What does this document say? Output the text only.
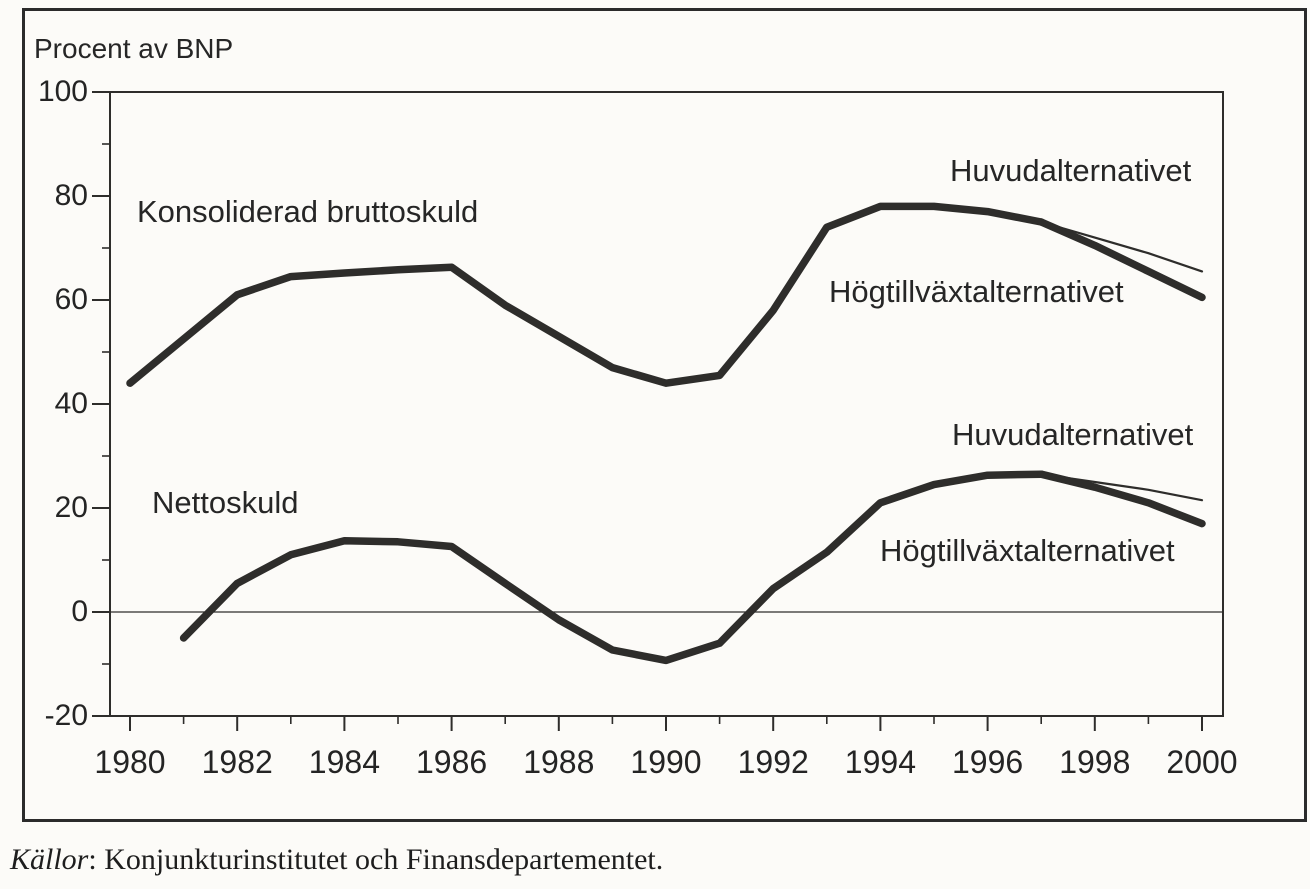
Procent av BNP
Konsoliderad bruttoskuld
Nettoskuld
Huvudalternativet
Högtillväxtalternativet
Huvudalternativet
Högtillväxtalternativet
100
80
60
40
20
0
-20
1980	1982	1984	1986	1988	1990	1992	1994	1996	1998	2000
Källor: Konjunkturinstitutet och Finansdepartementet.
